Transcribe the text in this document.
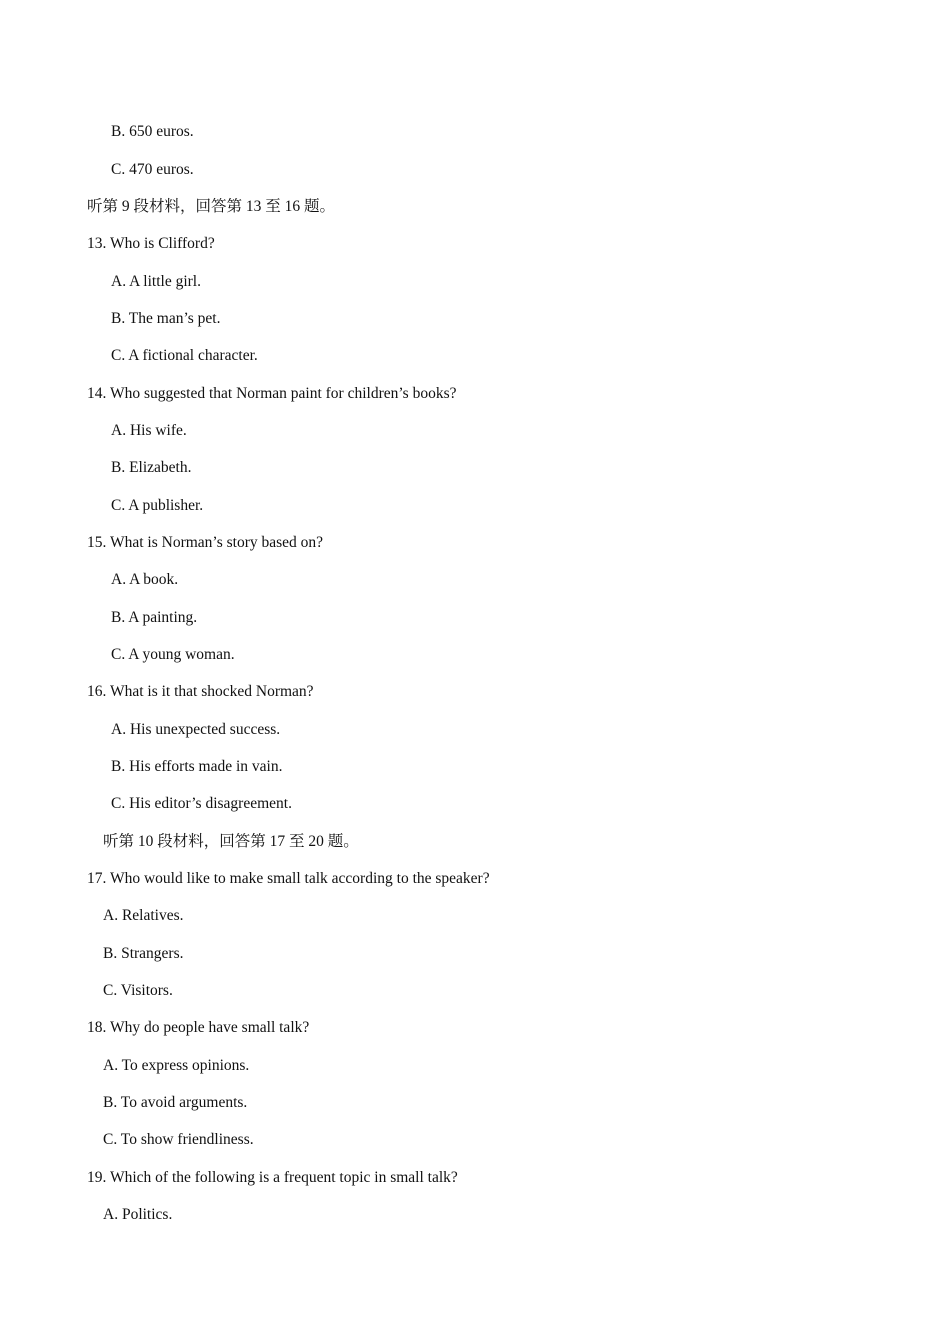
B. 650 euros.
C. 470 euros.
听第 9 段材料，回答第 13 至 16 题。
13. Who is Clifford?
A. A little girl.
B. The man’s pet.
C. A fictional character.
14. Who suggested that Norman paint for children’s books?
A. His wife.
B. Elizabeth.
C. A publisher.
15. What is Norman’s story based on?
A. A book.
B. A painting.
C. A young woman.
16. What is it that shocked Norman?
A. His unexpected success.
B. His efforts made in vain.
C. His editor’s disagreement.
听第 10 段材料，回答第 17 至 20 题。
17. Who would like to make small talk according to the speaker?
A. Relatives.
B. Strangers.
C. Visitors.
18. Why do people have small talk?
A. To express opinions.
B. To avoid arguments.
C. To show friendliness.
19. Which of the following is a frequent topic in small talk?
A. Politics.
